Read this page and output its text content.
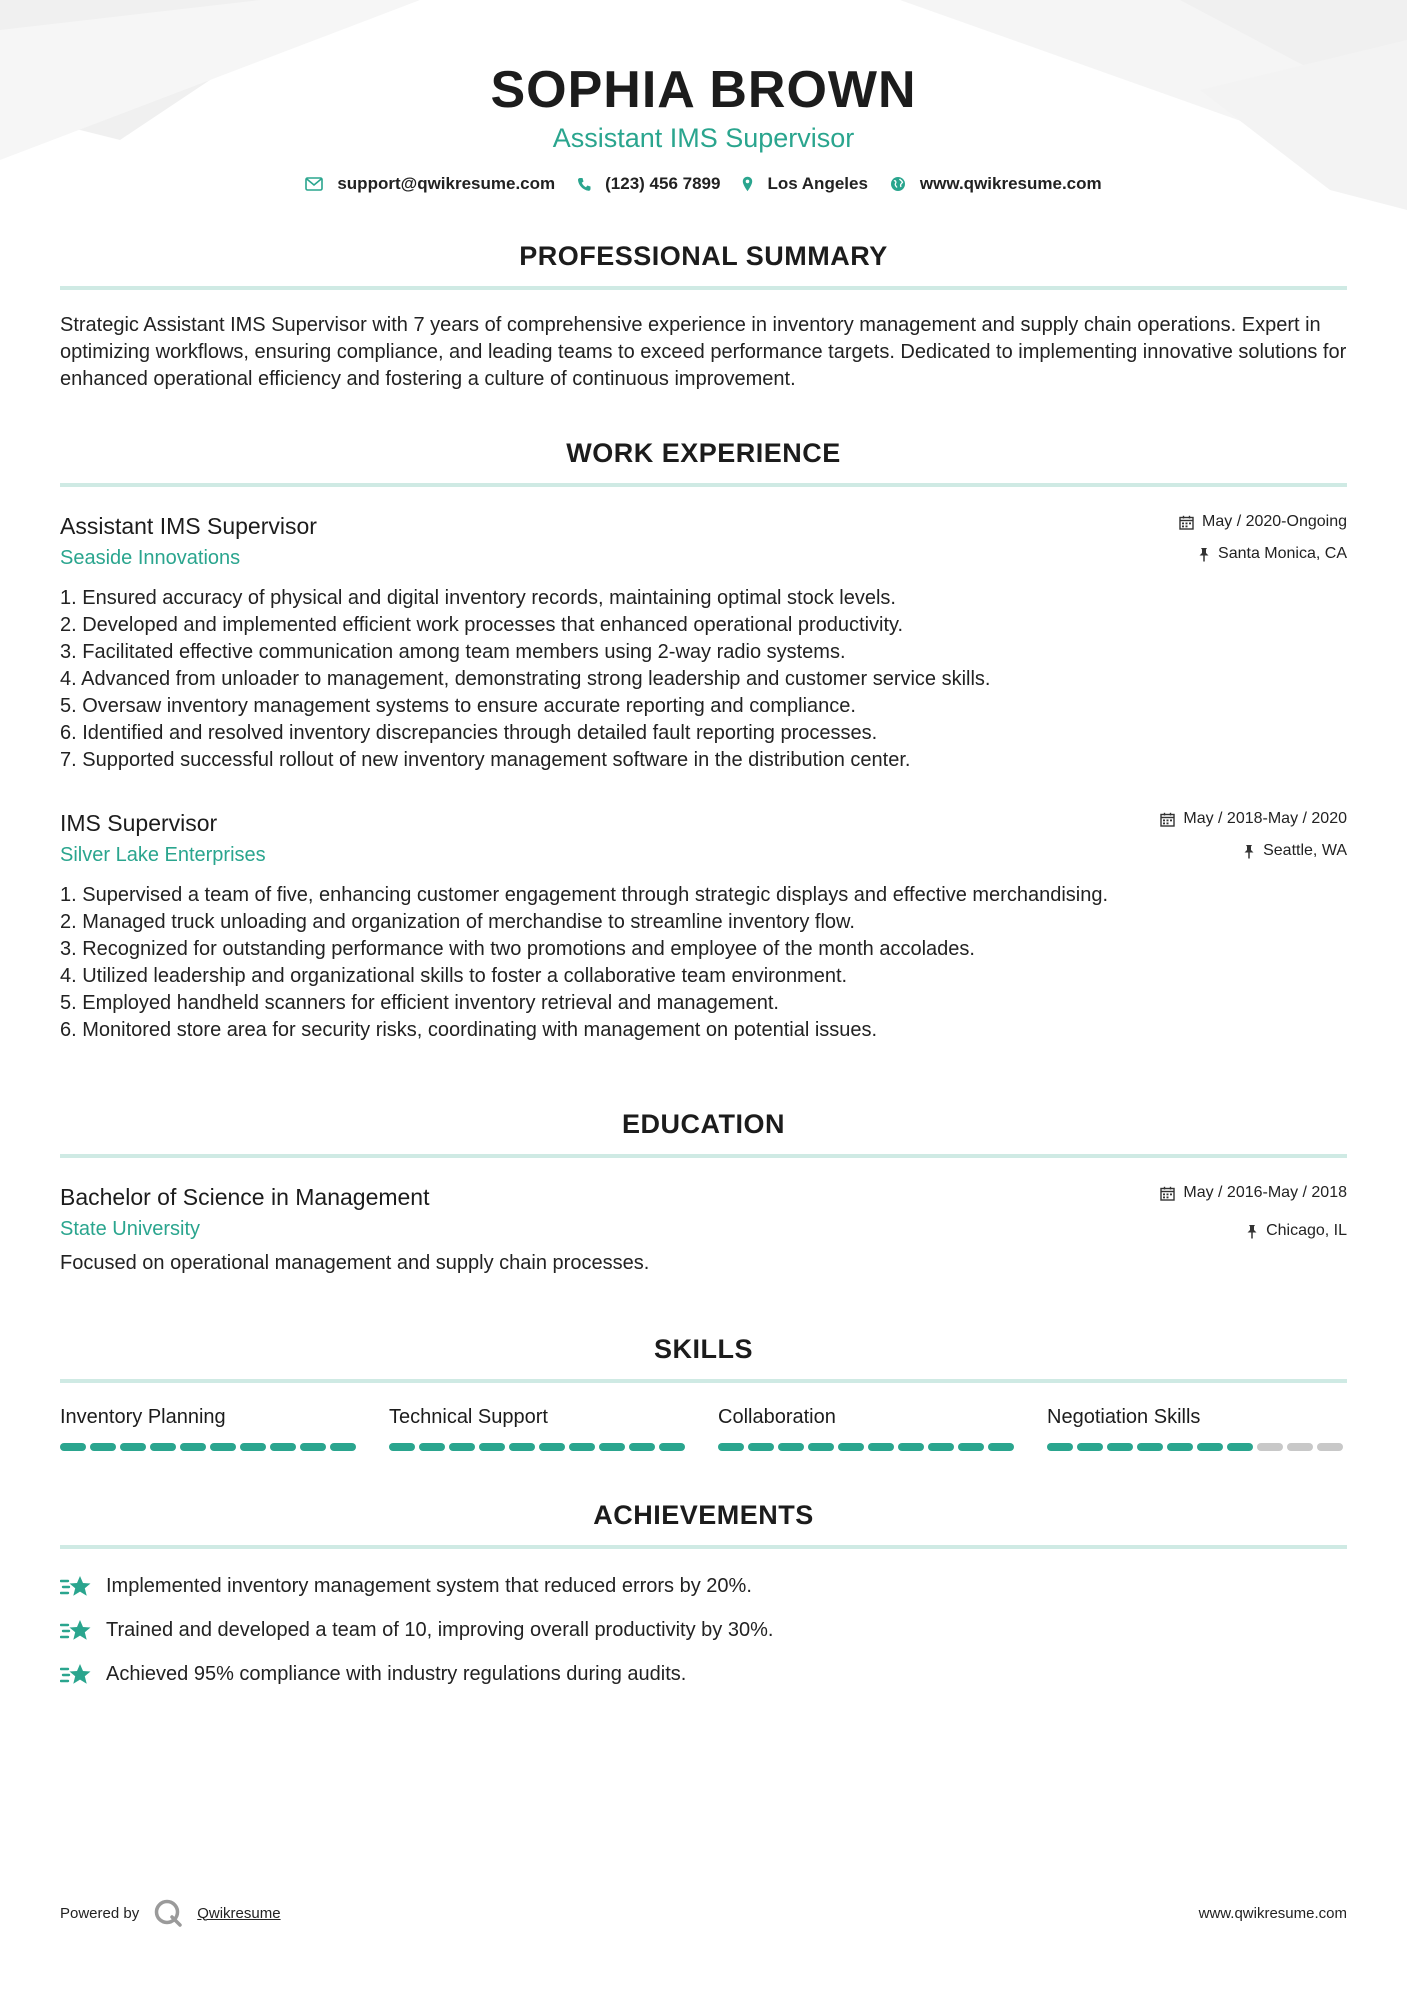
SOPHIA BROWN
Assistant IMS Supervisor
support@qwikresume.com	(123) 456 7899	Los Angeles	www.qwikresume.com
PROFESSIONAL SUMMARY
Strategic Assistant IMS Supervisor with 7 years of comprehensive experience in inventory management and supply chain operations. Expert in optimizing workflows, ensuring compliance, and leading teams to exceed performance targets. Dedicated to implementing innovative solutions for enhanced operational efficiency and fostering a culture of continuous improvement.
WORK EXPERIENCE
Assistant IMS Supervisor
Seaside Innovations
May / 2020-Ongoing
Santa Monica, CA
1. Ensured accuracy of physical and digital inventory records, maintaining optimal stock levels.
2. Developed and implemented efficient work processes that enhanced operational productivity.
3. Facilitated effective communication among team members using 2-way radio systems.
4. Advanced from unloader to management, demonstrating strong leadership and customer service skills.
5. Oversaw inventory management systems to ensure accurate reporting and compliance.
6. Identified and resolved inventory discrepancies through detailed fault reporting processes.
7. Supported successful rollout of new inventory management software in the distribution center.
IMS Supervisor
Silver Lake Enterprises
May / 2018-May / 2020
Seattle, WA
1. Supervised a team of five, enhancing customer engagement through strategic displays and effective merchandising.
2. Managed truck unloading and organization of merchandise to streamline inventory flow.
3. Recognized for outstanding performance with two promotions and employee of the month accolades.
4. Utilized leadership and organizational skills to foster a collaborative team environment.
5. Employed handheld scanners for efficient inventory retrieval and management.
6. Monitored store area for security risks, coordinating with management on potential issues.
EDUCATION
Bachelor of Science in Management
State University
May / 2016-May / 2018
Chicago, IL
Focused on operational management and supply chain processes.
SKILLS
Inventory Planning	Technical Support	Collaboration	Negotiation Skills
ACHIEVEMENTS
Implemented inventory management system that reduced errors by 20%.
Trained and developed a team of 10, improving overall productivity by 30%.
Achieved 95% compliance with industry regulations during audits.
Powered by	Qwikresume	www.qwikresume.com
